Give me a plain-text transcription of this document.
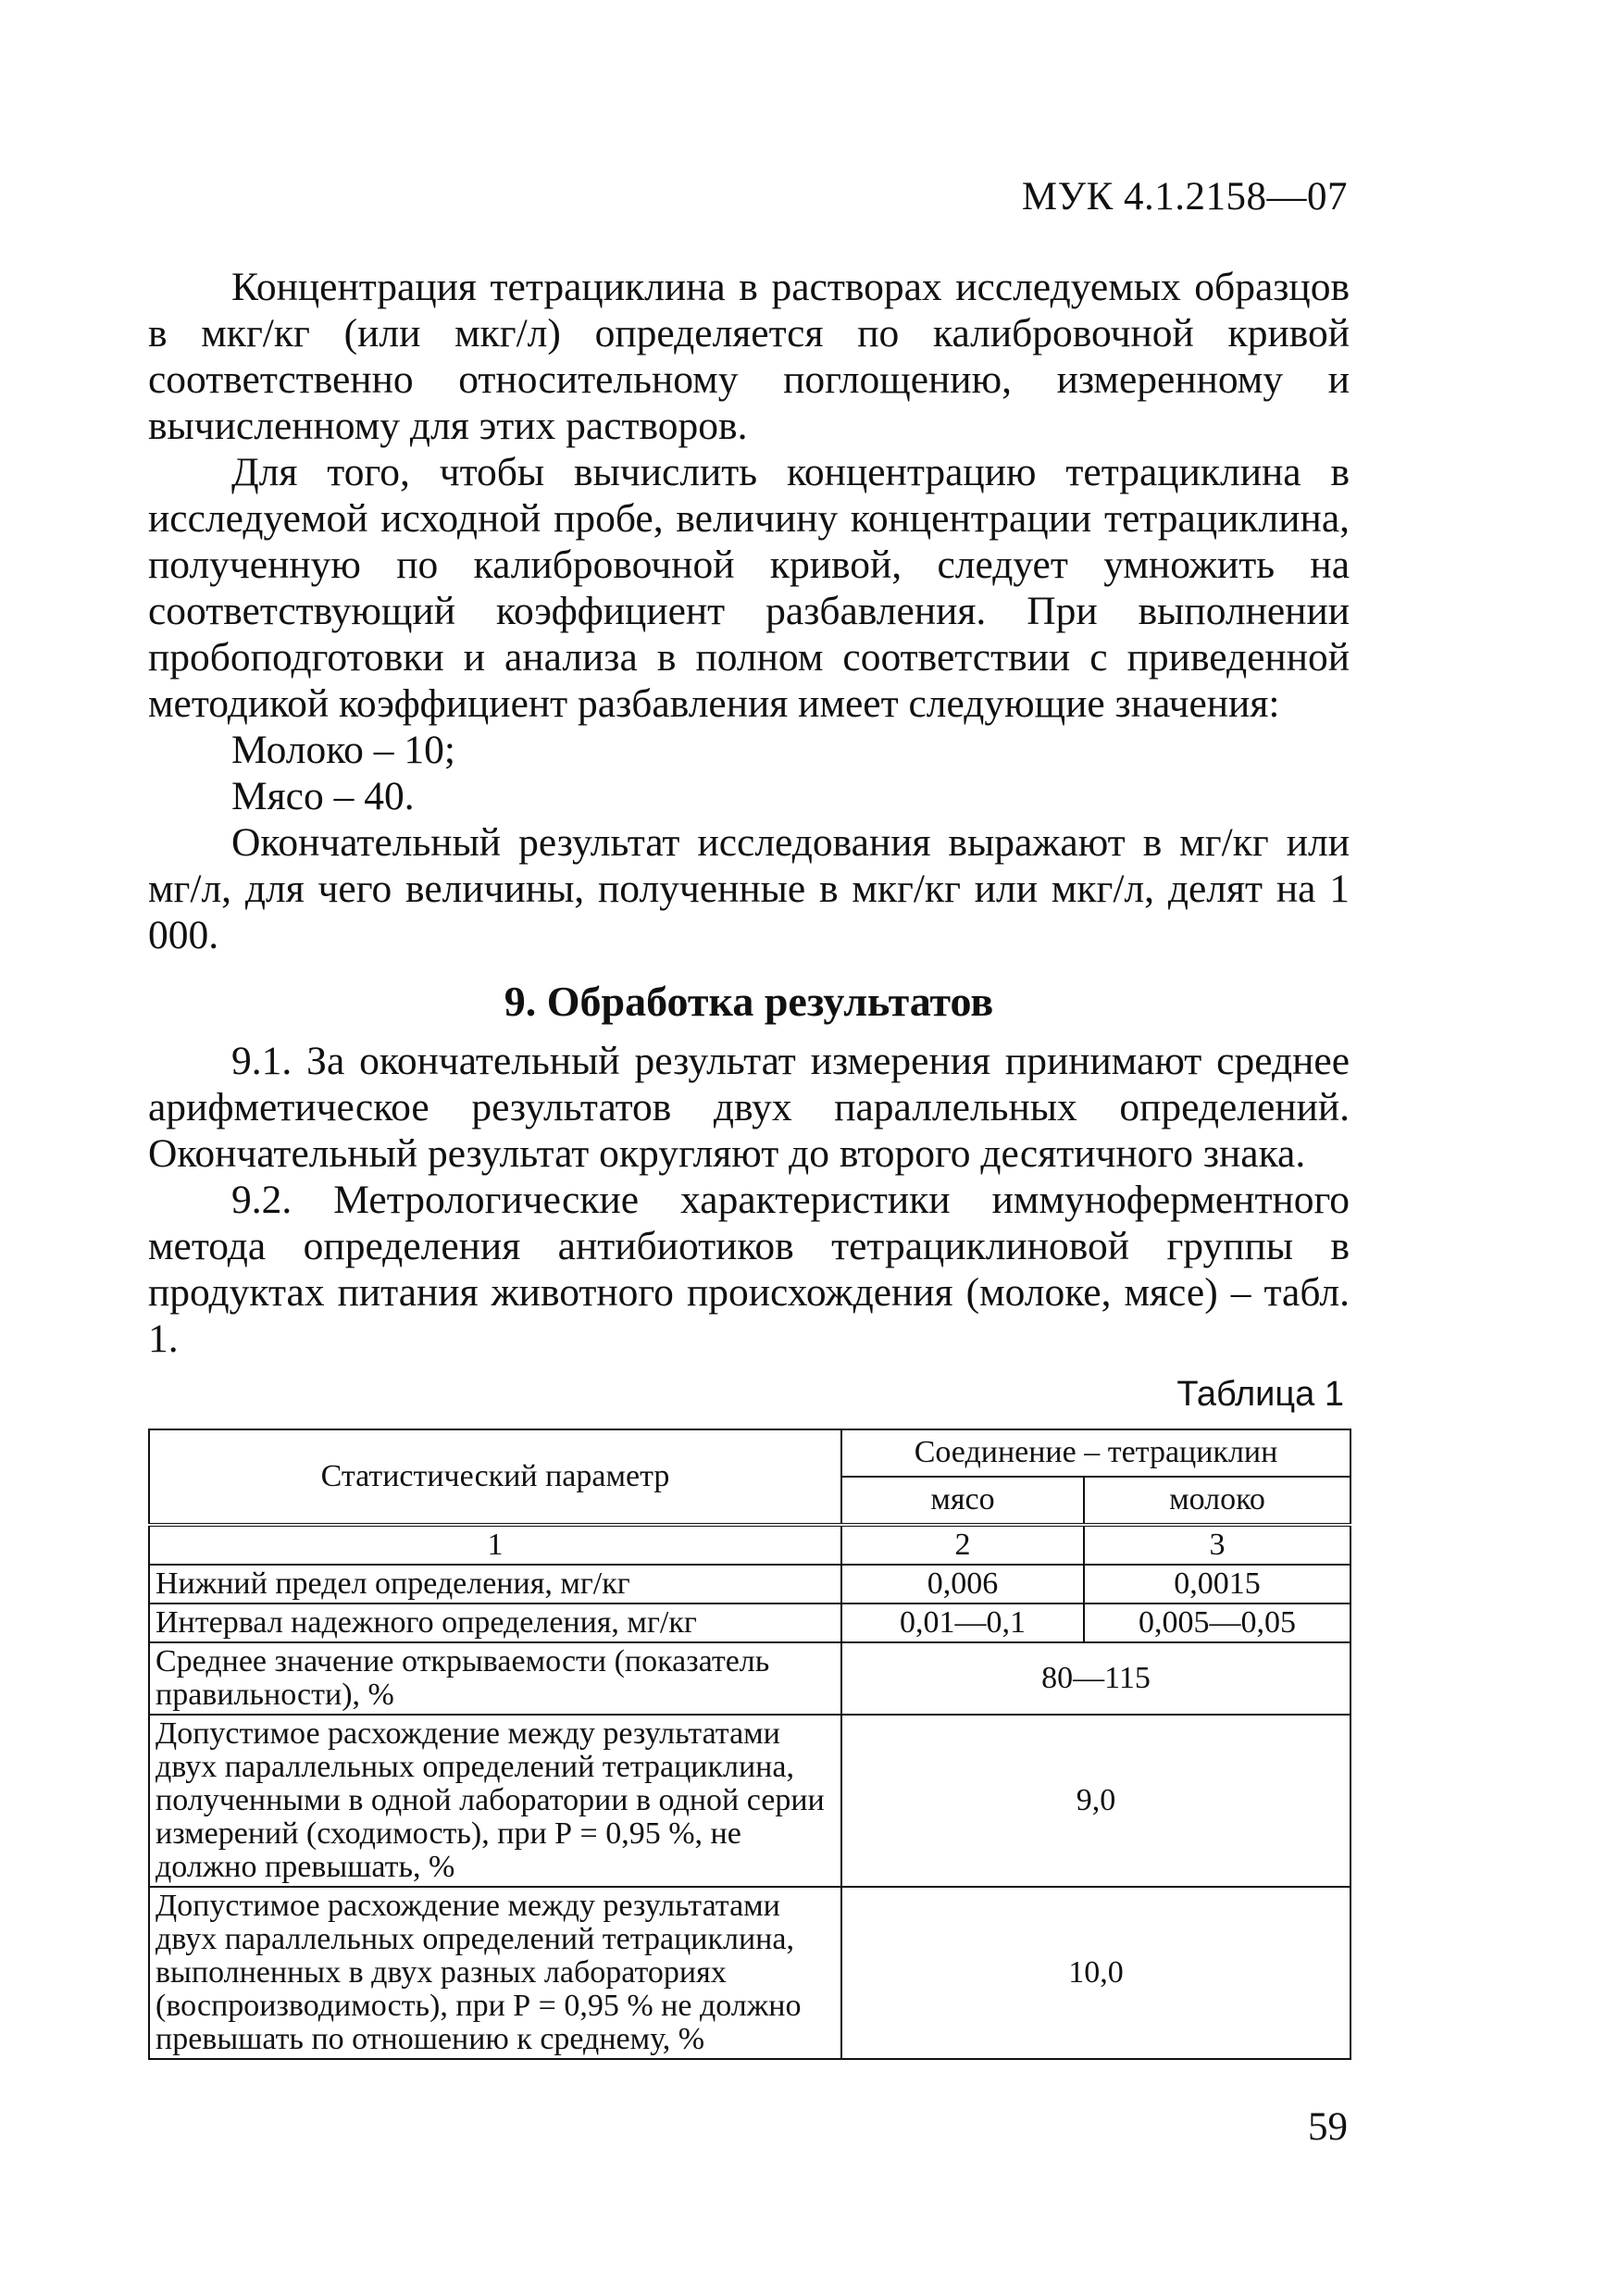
МУК 4.1.2158—07

Концентрация тетрациклина в растворах исследуемых образцов в мкг/кг (или мкг/л) определяется по калибровочной кривой соответственно относительному поглощению, измеренному и вычисленному для этих растворов.

Для того, чтобы вычислить концентрацию тетрациклина в исследуемой исходной пробе, величину концентрации тетрациклина, полученную по калибровочной кривой, следует умножить на соответствующий коэффициент разбавления. При выполнении пробоподготовки и анализа в полном соответствии с приведенной методикой коэффициент разбавления имеет следующие значения:

Молоко – 10;

Мясо – 40.

Окончательный результат исследования выражают в мг/кг или мг/л, для чего величины, полученные в мкг/кг или мкг/л, делят на 1 000.

9. Обработка результатов

9.1. За окончательный результат измерения принимают среднее арифметическое результатов двух параллельных определений. Окончательный результат округляют до второго десятичного знака.

9.2. Метрологические характеристики иммуноферментного метода определения антибиотиков тетрациклиновой группы в продуктах питания животного происхождения (молоке, мясе) – табл. 1.

Таблица 1
Статистический параметр	Соединение – тетрациклин	
	мясо	молоко
1	2	3
Нижний предел определения, мг/кг	0,006	0,0015
Интервал надежного определения, мг/кг	0,01—0,1	0,005—0,05
Среднее значение открываемости (показатель правильности), %	80—115	
Допустимое расхождение между результатами двух параллельных определений тетрациклина, полученными в одной лаборатории в одной серии измерений (сходимость), при Р = 0,95 %, не должно превышать, %	9,0	
Допустимое расхождение между результатами двух параллельных определений тетрациклина, выполненных в двух разных лабораториях (воспроизводимость), при Р = 0,95 % не должно превышать по отношению к среднему, %	10,0	
59
